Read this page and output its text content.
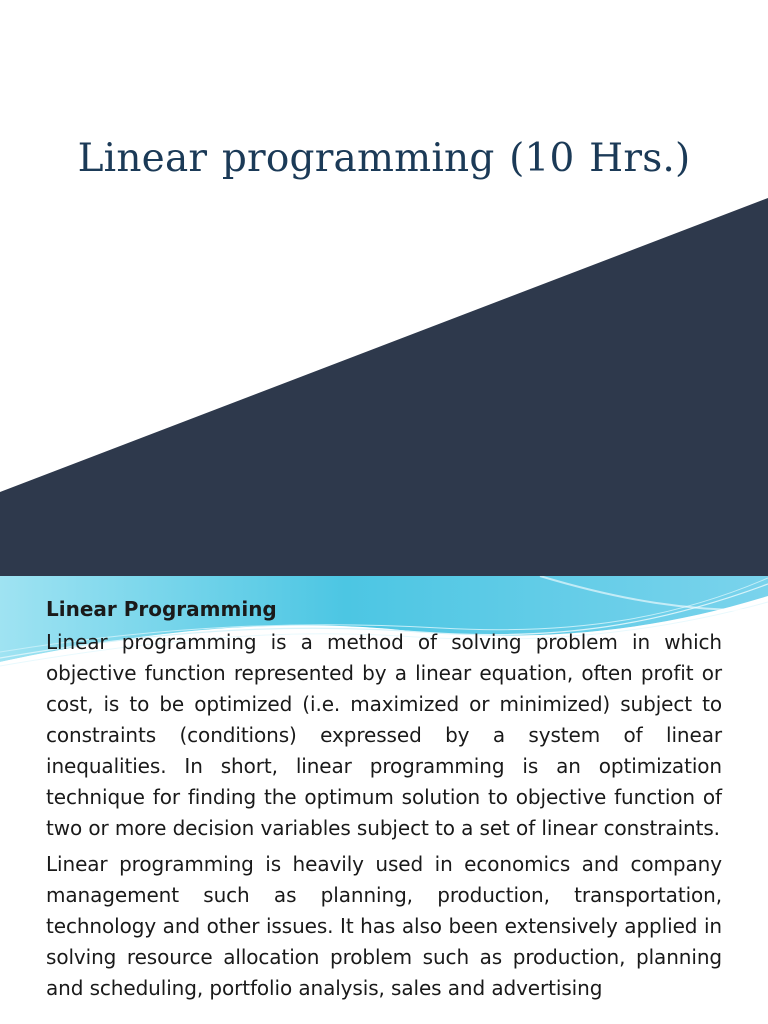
Linear programming (10 Hrs.)

Linear Programming

Linear programming is a method of solving problem in which objective function represented by a linear equation, often profit or cost, is to be optimized (i.e. maximized or minimized) subject to constraints (conditions) expressed by a system of linear inequalities. In short, linear programming is an optimization technique for finding the optimum solution to objective function of two or more decision variables subject to a set of linear constraints.

Linear programming is heavily used in economics and company management such as planning, production, transportation, technology and other issues. It has also been extensively applied in solving resource allocation problem such as production, planning and scheduling, portfolio analysis, sales and advertising
